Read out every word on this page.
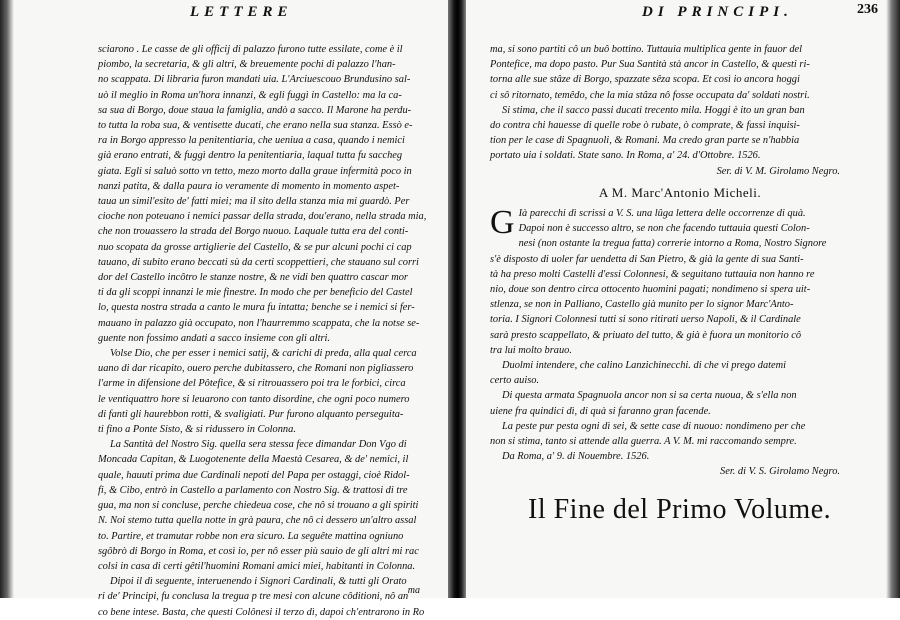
LETTERE
sciarono . Le casse de gli officij di palazzo furono tutte essilate, come è il
piombo, la secretaria, & gli altri, & breuemente pochi di palazzo l'han-
no scappata. Di librarìa furon mandati uia. L'Arciuescouo Brundusino sal-
uò il meglio in Roma un'hora innanzi, & egli fuggì in Castello: ma la ca-
sa sua di Borgo, doue staua la famiglia, andò a sacco. Il Marone ha perdu-
to tutta la roba sua, & ventisette ducati, che erano nella sua stanza. Essò e-
ra in Borgo appresso la penitentiaria, che ueniua a casa, quando i nemici
già erano entrati, & fuggì dentro la penitentiaria, laqual tutta fu saccheg
giata. Egli si saluò sotto vn tetto, mezo morto dalla graue infermità poco in
nanzi patita, & dalla paura io veramente di momento in momento aspet-
taua un simil'esito de' fatti miei; ma il sito della stanza mia mi guardò. Per
cioche non poteuano i nemici passar della strada, dou'erano, nella strada mia,
che non trouassero la strada del Borgo nuouo. Laquale tutta era del conti-
nuo scopata da grosse artiglierie del Castello, & se pur alcuni pochi ci cap
tauano, di subito erano beccati sù da certi scoppettieri, che stauano sul corri
dor del Castello incôtro le stanze nostre, & ne vidi ben quattro cascar mor
ti da gli scoppi innanzi le mie finestre. In modo che per beneficio del Castel
lo, questa nostra strada a canto le mura fu intatta; benche se i nemici si fer-
mauano in palazzo già occupato, non l'haurremmo scappata, che la notse se-
guente non fossimo andati a sacco insieme con gli altri.
Volse Dio, che per esser i nemici satij, & carichi di preda, alla qual cerca
uano di dar ricapito, ouero perche dubitassero, che Romani non pigliassero
l'arme in difensione del Pôtefice, & si ritrouassero poi tra le forbici, circa
le ventiquattro hore si leuarono con tanto disordine, che ogni poco numero
di fanti gli haurebbon rotti, & svaligiati. Pur furono alquanto perseguita-
ti fino a Ponte Sisto, & si ridussero in Colonna.
La Santità del Nostro Sig. quella sera stessa fece dimandar Don Vgo di
Moncada Capitan, & Luogotenente della Maestà Cesarea, & de' nemici, il
quale, hauuti prima due Cardinali nepoti del Papa per ostaggi, cioè Ridol-
fi, & Cibo, entrò in Castello a parlamento con Nostro Sig. & trattosi di tre
gua, ma non si concluse, perche chiedeua cose, che nô si trouano a gli spiriti
N. Noi stemo tutta quella notte in grà paura, che nô ci dessero un'altro assal
to. Partire, et tramutar robbe non era sicuro. La seguête mattina ogniuno
sgôbrò di Borgo in Roma, et così io, per nô esser più sauio de gli altri mi rac
colsi in casa di certi gêtil'huomini Romani amici miei, habitanti in Colonna.
Dipoi il dì seguente, interuenendo i Signori Cardinali, & tutti gli Orato
ri de' Principi, fu conclusa la tregua p tre mesi con alcune côditioni, nô an
co bene intese. Basta, che questi Colônesi il terzo dì, dapoi ch'entrarono in Ro
ma
DI PRINCIPI.	236
ma, si sono partiti cô un buô bottino. Tuttauia multiplica gente in fauor del
Pontefice, ma dopo pasto. Pur Sua Santità stà ancor in Castello, & questi ri-
torna alle sue stâze di Borgo, spazzate sêza scopa. Et così io ancora hoggi
ci sô ritornato, temêdo, che la mia stâza nô fosse occupata da' soldati nostri.
Si stima, che il sacco passi ducati trecento mila. Hoggi è ito un gran ban
do contra chi hauesse di quelle robe ò rubate, ò comprate, & fassi inquisi-
tion per le case di Spagnuoli, & Romani. Ma credo gran parte se n'habbia
portato uia i soldati. State sano. In Roma, a' 24. d'Ottobre. 1526.
Ser. di V. M. Girolamo Negro.
A M. Marc'Antonio Micheli.
G Ià parecchi dì scrissi a V. S. una lûga lettera delle occorrenze di quà.
Dapoi non è successo altro, se non che facendo tuttauia questi Colon-
nesi (non ostante la tregua fatta) correrie intorno a Roma, Nostro Signore
s'è disposto di uoler far uendetta di San Pietro, & già la gente di sua Santi-
tà ha preso molti Castelli d'essi Colonnesi, & seguitano tuttauia non hanno re
nio, doue son dentro circa ottocento huomini pagati; nondimeno si spera uit-
stlenza, se non in Palliano, Castello già munito per lo signor Marc'Anto-
toria. I Signori Colonnesi tutti si sono ritirati uerso Napoli, & il Cardinale
sarà presto scappellato, & priuato del tutto, & già è fuora un monitorio cô
tra lui molto brauo.
Duolmi intendere, che calino Lanzichinecchi. di che vi prego datemi
certo auiso.
Di questa armata Spagnuola ancor non si sa certa nuoua, & s'ella non
uiene fra quindici dì, di quà si faranno gran facende.
La peste pur pesta ogni dì sei, & sette case di nuouo: nondimeno per che
non si stima, tanto si attende alla guerra. A V. M. mi raccomando sempre.
Da Roma, a' 9. di Nouembre. 1526.
Ser. di V. S. Girolamo Negro.
Il Fine del Primo Volume.
